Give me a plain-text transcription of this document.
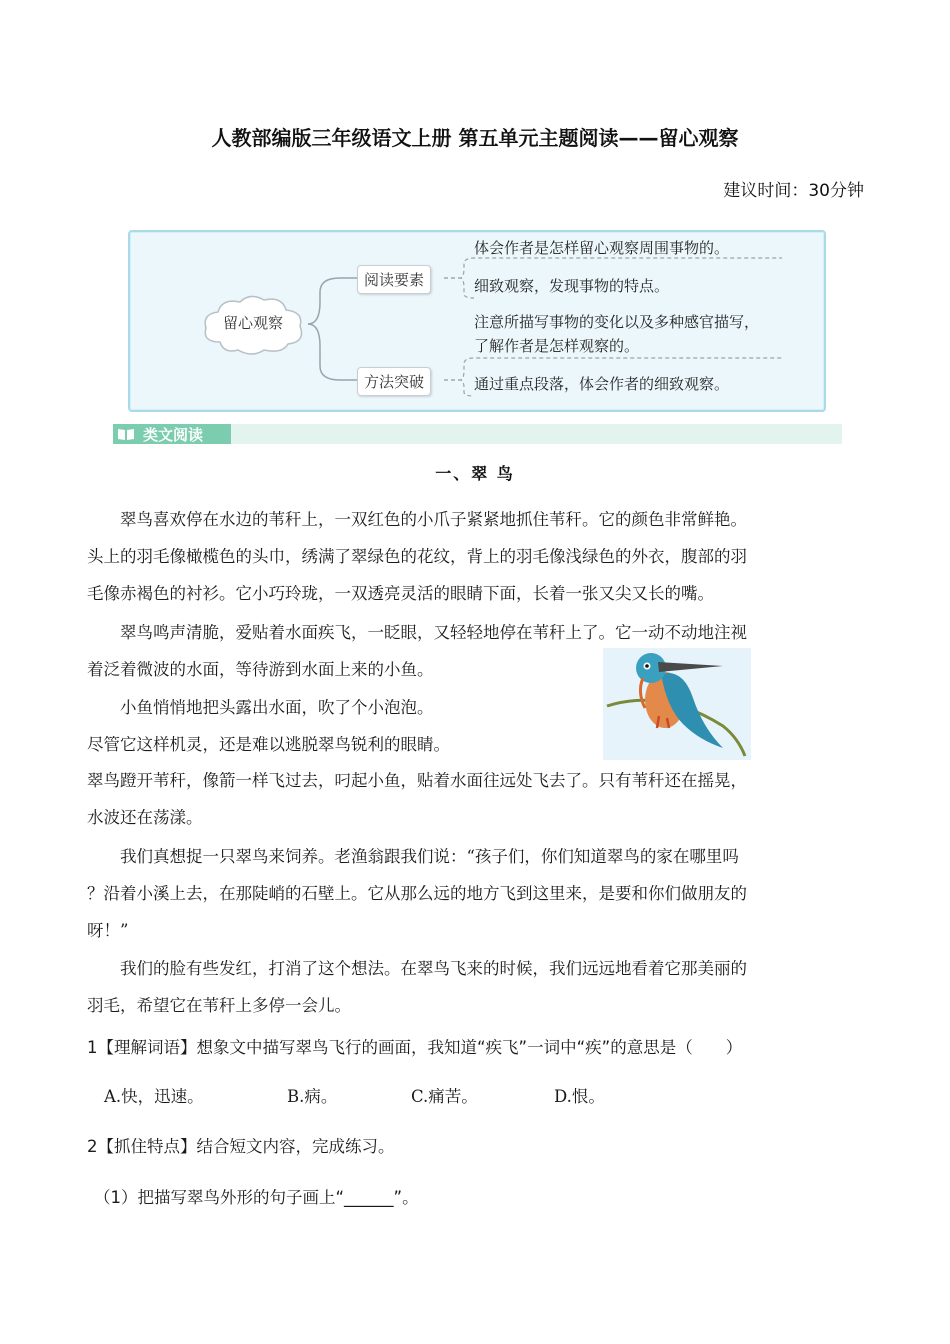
人教部编版三年级语文上册 第五单元主题阅读——留心观察
建议时间：30分钟
留心观察
阅读要素
方法突破
体会作者是怎样留心观察周围事物的。
细致观察，发现事物的特点。
注意所描写事物的变化以及多种感官描写，
了解作者是怎样观察的。
通过重点段落，体会作者的细致观察。
类文阅读
一、翠 鸟
　　翠鸟喜欢停在水边的苇秆上，一双红色的小爪子紧紧地抓住苇秆。它的颜色非常鲜艳。
头上的羽毛像橄榄色的头巾，绣满了翠绿色的花纹，背上的羽毛像浅绿色的外衣，腹部的羽
毛像赤褐色的衬衫。它小巧玲珑，一双透亮灵活的眼睛下面，长着一张又尖又长的嘴。
　　翠鸟鸣声清脆，爱贴着水面疾飞，一眨眼，又轻轻地停在苇秆上了。它一动不动地注视
着泛着微波的水面，等待游到水面上来的小鱼。
　　小鱼悄悄地把头露出水面，吹了个小泡泡。
尽管它这样机灵，还是难以逃脱翠鸟锐利的眼睛。
翠鸟蹬开苇秆，像箭一样飞过去，叼起小鱼，贴着水面往远处飞去了。只有苇秆还在摇晃，
水波还在荡漾。
　　我们真想捉一只翠鸟来饲养。老渔翁跟我们说：“孩子们，你们知道翠鸟的家在哪里吗
？沿着小溪上去，在那陡峭的石壁上。它从那么远的地方飞到这里来，是要和你们做朋友的
呀！”
　　我们的脸有些发红，打消了这个想法。在翠鸟飞来的时候，我们远远地看着它那美丽的
羽毛，希望它在苇秆上多停一会儿。
1【理解词语】想象文中描写翠鸟飞行的画面，我知道“疾飞”一词中“疾”的意思是（　　）
A.快，迅速。	B.病。	C.痛苦。	D.恨。
2【抓住特点】结合短文内容，完成练习。
（1）把描写翠鸟外形的句子画上“______”。
